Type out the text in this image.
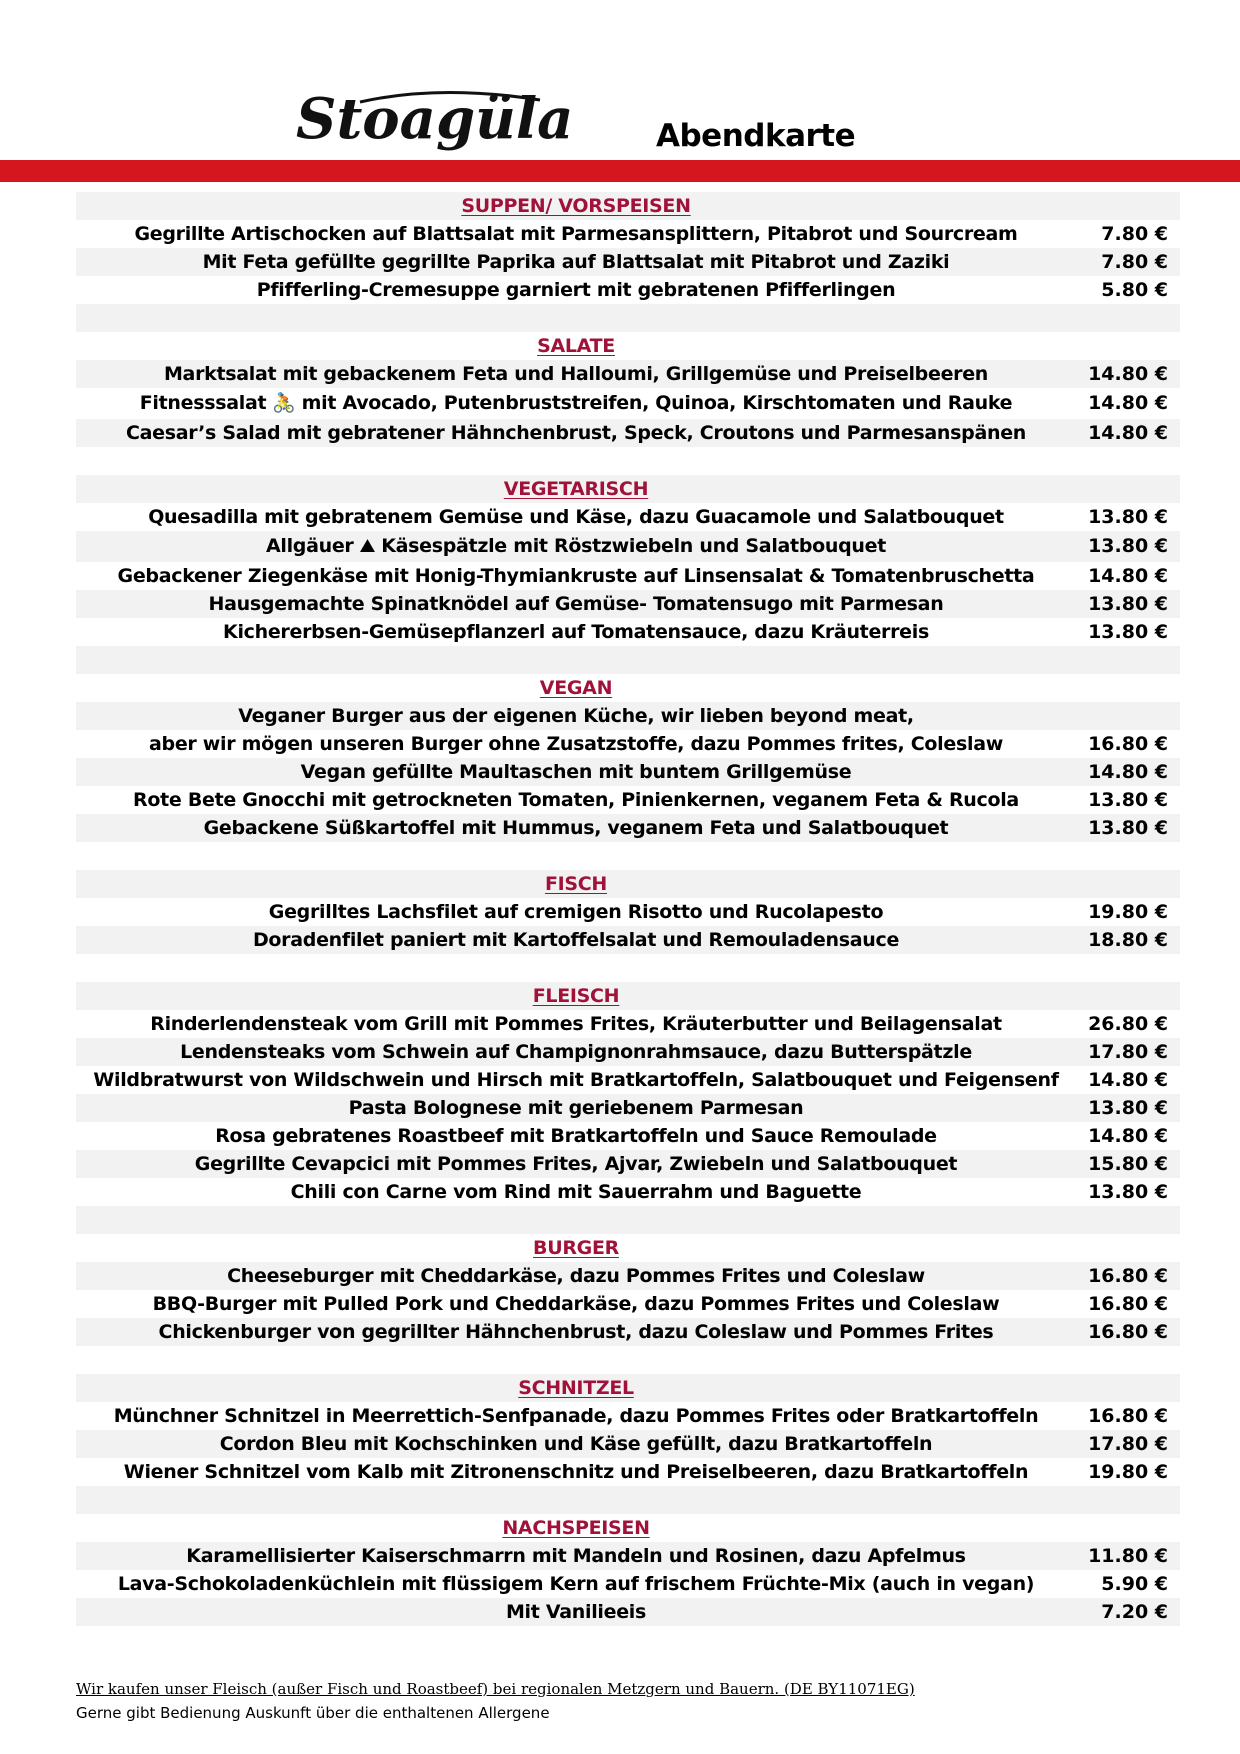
Stoagüla	Abendkarte
SUPPEN/ VORSPEISEN
Gegrillte Artischocken auf Blattsalat mit Parmesansplittern, Pitabrot und Sourcream	7.80 €
Mit Feta gefüllte gegrillte Paprika auf Blattsalat mit Pitabrot und Zaziki	7.80 €
Pfifferling-Cremesuppe garniert mit gebratenen Pfifferlingen	5.80 €
SALATE
Marktsalat mit gebackenem Feta und Halloumi, Grillgemüse und Preiselbeeren	14.80 €
Fitnesssalat 🚴 mit Avocado, Putenbruststreifen, Quinoa, Kirschtomaten und Rauke	14.80 €
Caesar’s Salad mit gebratener Hähnchenbrust, Speck, Croutons und Parmesanspänen	14.80 €
VEGETARISCH
Quesadilla mit gebratenem Gemüse und Käse, dazu Guacamole und Salatbouquet	13.80 €
Allgäuer ⛰ Käsespätzle mit Röstzwiebeln und Salatbouquet	13.80 €
Gebackener Ziegenkäse mit Honig-Thymiankruste auf Linsensalat & Tomatenbruschetta	14.80 €
Hausgemachte Spinatknödel auf Gemüse- Tomatensugo mit Parmesan	13.80 €
Kichererbsen-Gemüsepflanzerl auf Tomatensauce, dazu Kräuterreis	13.80 €
VEGAN
Veganer Burger aus der eigenen Küche, wir lieben beyond meat,
aber wir mögen unseren Burger ohne Zusatzstoffe, dazu Pommes frites, Coleslaw	16.80 €
Vegan gefüllte Maultaschen mit buntem Grillgemüse	14.80 €
Rote Bete Gnocchi mit getrockneten Tomaten, Pinienkernen, veganem Feta & Rucola	13.80 €
Gebackene Süßkartoffel mit Hummus, veganem Feta und Salatbouquet	13.80 €
FISCH
Gegrilltes Lachsfilet auf cremigen Risotto und Rucolapesto	19.80 €
Doradenfilet paniert mit Kartoffelsalat und Remouladensauce	18.80 €
FLEISCH
Rinderlendensteak vom Grill mit Pommes Frites, Kräuterbutter und Beilagensalat	26.80 €
Lendensteaks vom Schwein auf Champignonrahmsauce, dazu Butterspätzle	17.80 €
Wildbratwurst von Wildschwein und Hirsch mit Bratkartoffeln, Salatbouquet und Feigensenf	14.80 €
Pasta Bolognese mit geriebenem Parmesan	13.80 €
Rosa gebratenes Roastbeef mit Bratkartoffeln und Sauce Remoulade	14.80 €
Gegrillte Cevapcici mit Pommes Frites, Ajvar, Zwiebeln und Salatbouquet	15.80 €
Chili con Carne vom Rind mit Sauerrahm und Baguette	13.80 €
BURGER
Cheeseburger mit Cheddarkäse, dazu Pommes Frites und Coleslaw	16.80 €
BBQ-Burger mit Pulled Pork und Cheddarkäse, dazu Pommes Frites und Coleslaw	16.80 €
Chickenburger von gegrillter Hähnchenbrust, dazu Coleslaw und Pommes Frites	16.80 €
SCHNITZEL
Münchner Schnitzel in Meerrettich-Senfpanade, dazu Pommes Frites oder Bratkartoffeln	16.80 €
Cordon Bleu mit Kochschinken und Käse gefüllt, dazu Bratkartoffeln	17.80 €
Wiener Schnitzel vom Kalb mit Zitronenschnitz und Preiselbeeren, dazu Bratkartoffeln	19.80 €
NACHSPEISEN
Karamellisierter Kaiserschmarrn mit Mandeln und Rosinen, dazu Apfelmus	11.80 €
Lava-Schokoladenküchlein mit flüssigem Kern auf frischem Früchte-Mix (auch in vegan)	5.90 €
Mit Vanilieeis	7.20 €
Wir kaufen unser Fleisch (außer Fisch und Roastbeef) bei regionalen Metzgern und Bauern. (DE BY11071EG)
Gerne gibt Bedienung Auskunft über die enthaltenen Allergene
